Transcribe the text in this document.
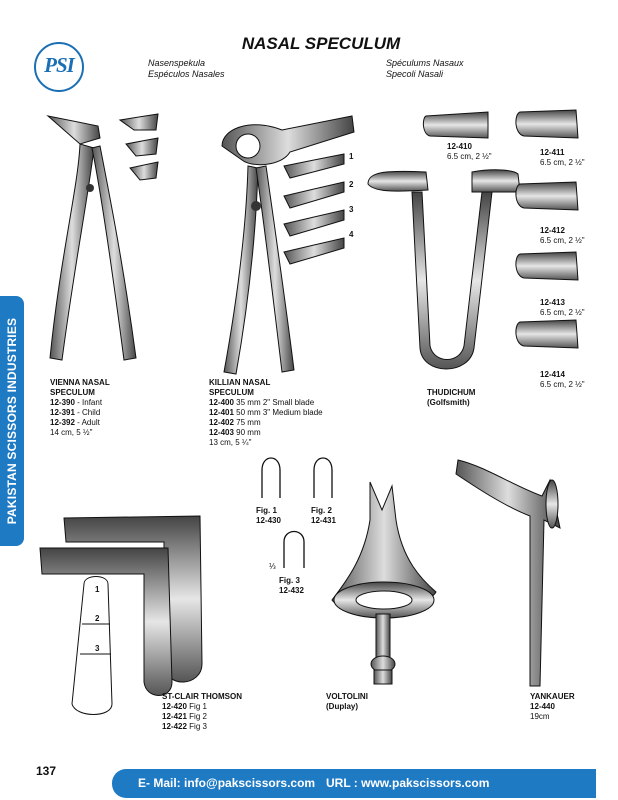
PSI
NASAL SPECULUM
Nasenspekula
Espéculos Nasales
Spéculums Nasaux
Specoli Nasali
PAKISTAN SCISSORS INDUSTRIES	VIENNA NASAL
SPECULUM
12-390 - Infant
12-391 - Child
12-392 - Adult
14 cm, 5 ½"
1
2
3
4
KILLIAN NASAL
SPECULUM
12-400 35 mm 2" Small blade
12-401 50 mm 3" Medium blade
12-402 75 mm
12-403 90 mm
13 cm, 5 ¼"
12-410
6.5 cm, 2 ½"	12-411
6.5 cm, 2 ½"
12-412
6.5 cm, 2 ½"
12-413
6.5 cm, 2 ½"
12-414
6.5 cm, 2 ½"
THUDICHUM
(Golfsmith)
Fig. 1
12-430
Fig. 2
12-431
⅓
Fig. 3
12-432
1
2
3
ST-CLAIR THOMSON
12-420 Fig 1
12-421 Fig 2
12-422 Fig 3
VOLTOLINI
(Duplay)
YANKAUER
12-440
19cm
137
E- Mail: info@pakscissors.com URL : www.pakscissors.com
